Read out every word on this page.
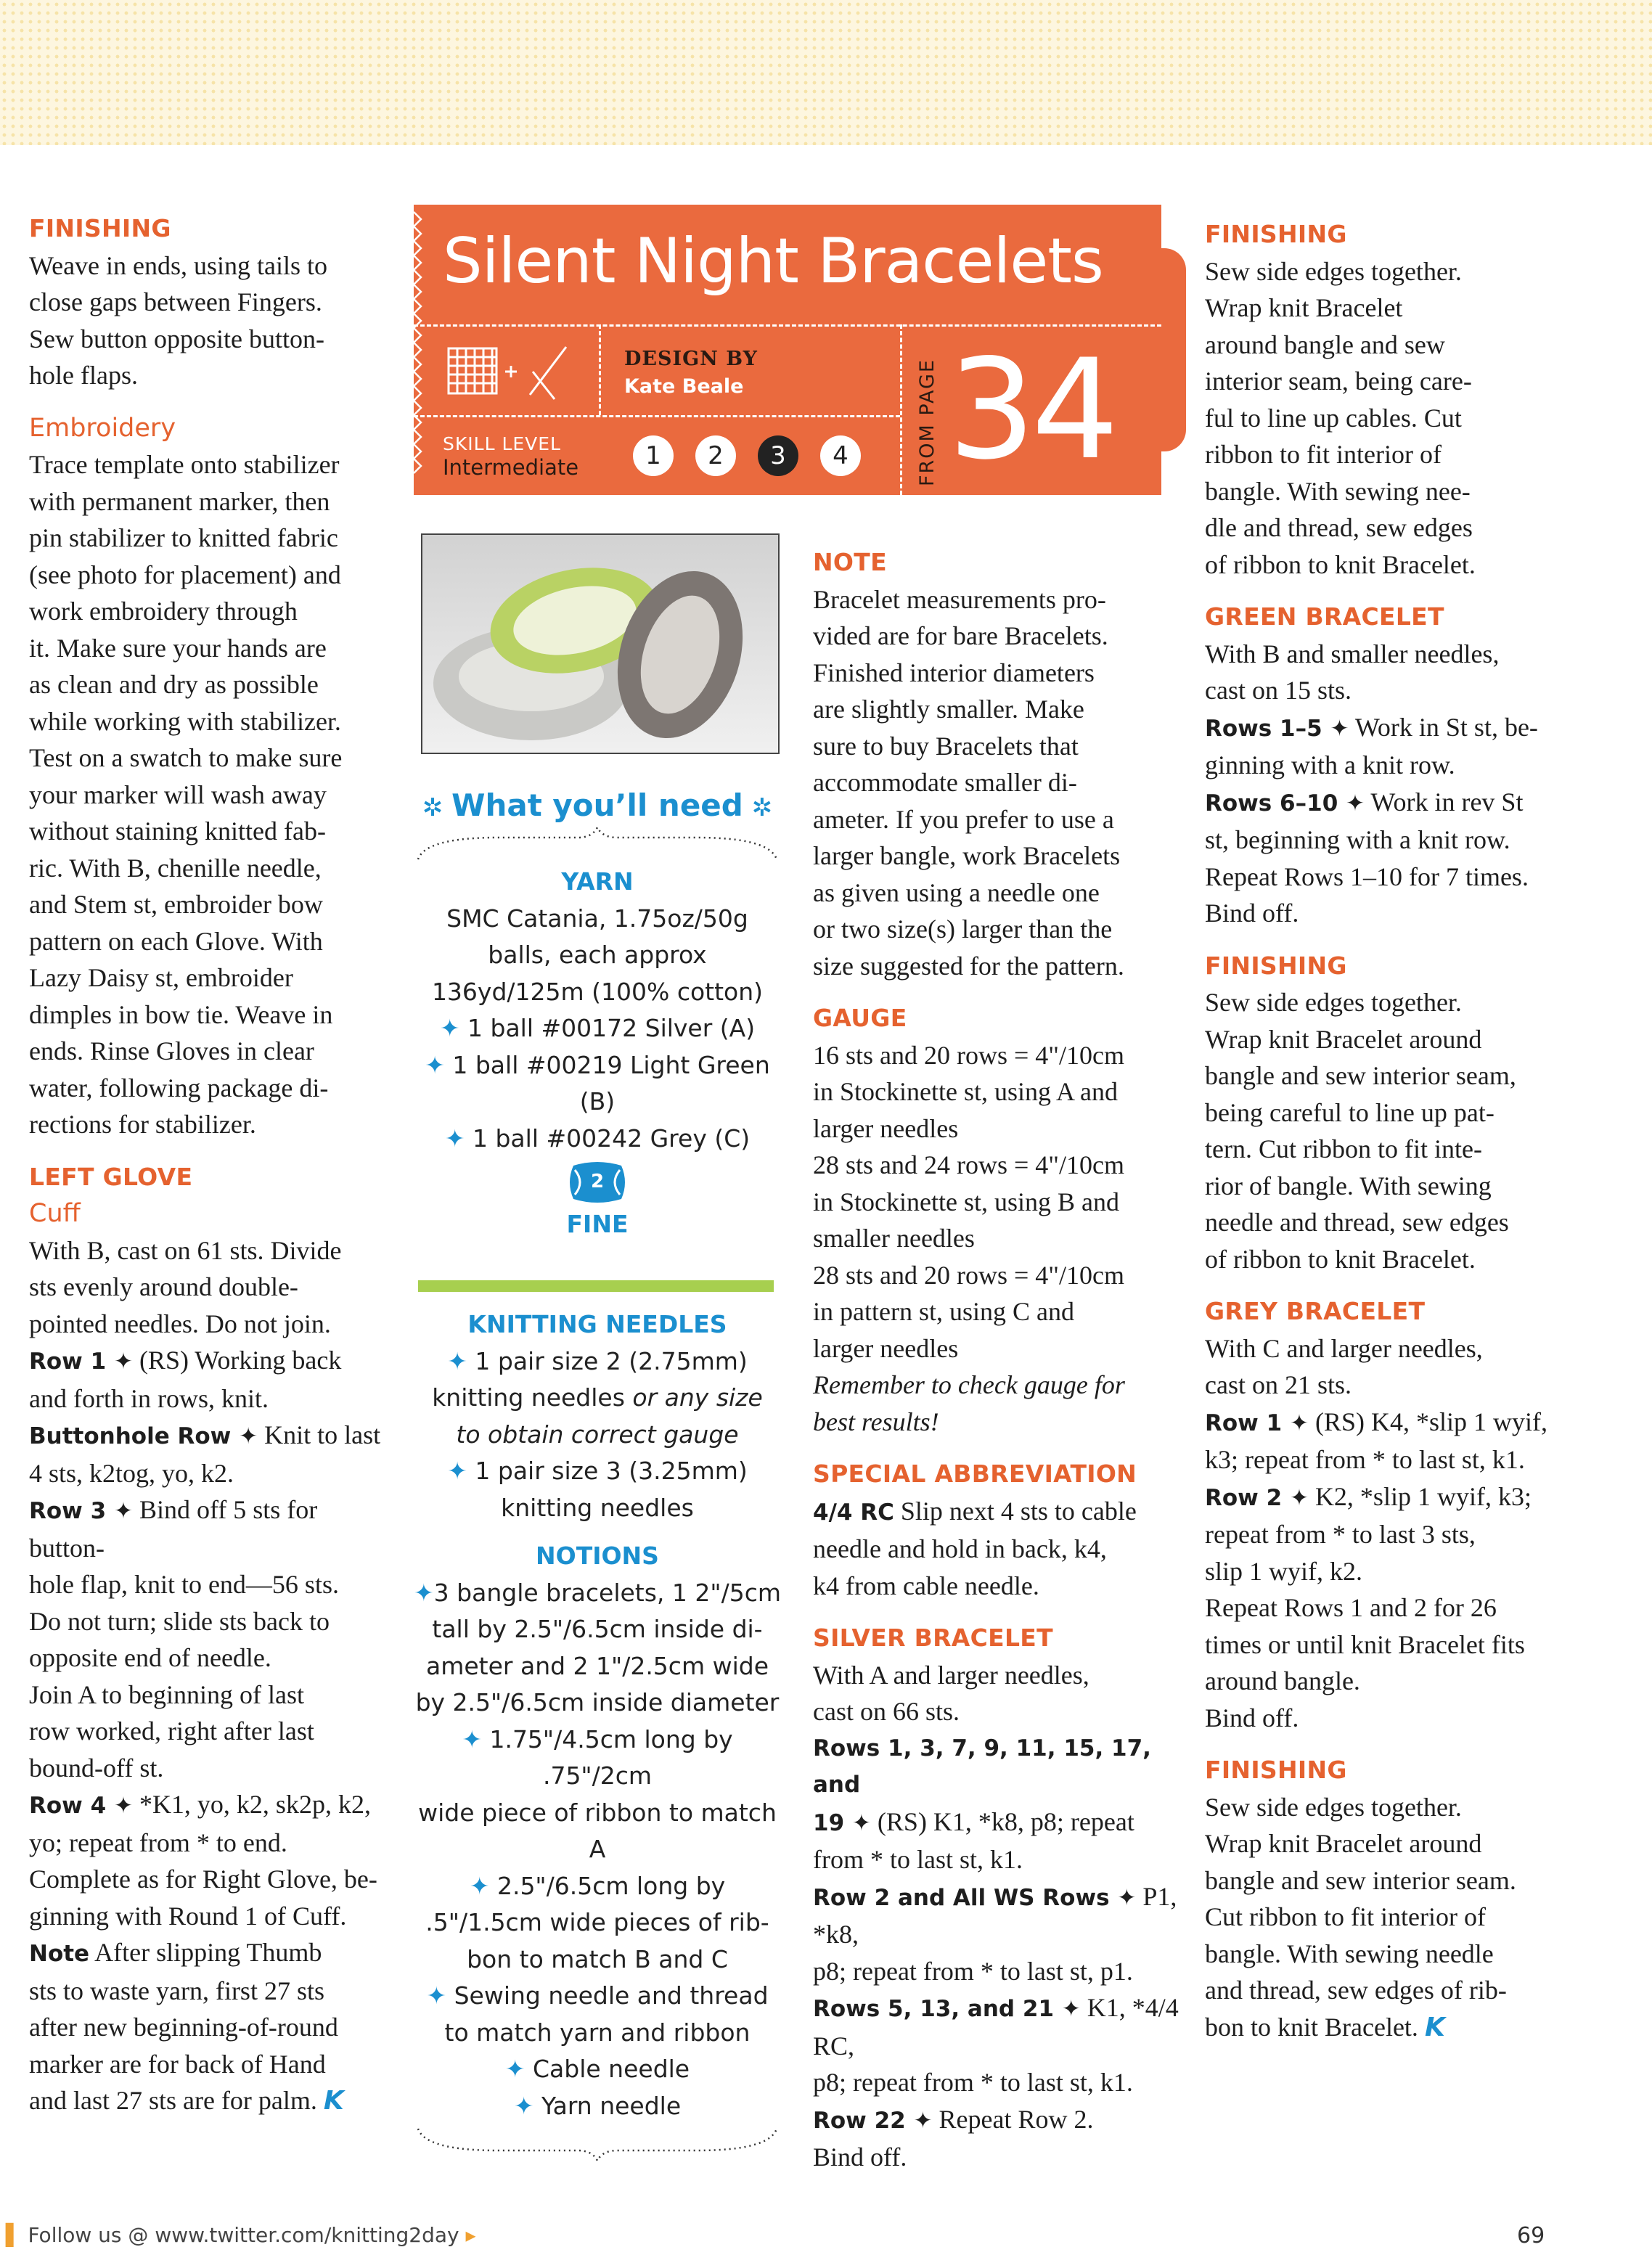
FINISHING
Weave in ends, using tails to
close gaps between Fingers.
Sew button opposite button-
hole flaps.
Embroidery
Trace template onto stabilizer
with permanent marker, then
pin stabilizer to knitted fabric
(see photo for placement) and
work embroidery through
it. Make sure your hands are
as clean and dry as possible
while working with stabilizer.
Test on a swatch to make sure
your marker will wash away
without staining knitted fab-
ric. With B, chenille needle,
and Stem st, embroider bow
pattern on each Glove. With
Lazy Daisy st, embroider
dimples in bow tie. Weave in
ends. Rinse Gloves in clear
water, following package di-
rections for stabilizer.
LEFT GLOVE
Cuff
With B, cast on 61 sts. Divide
sts evenly around double-
pointed needles. Do not join.
Row 1 ✦ (RS) Working back
and forth in rows, knit.
Buttonhole Row ✦ Knit to last
4 sts, k2tog, yo, k2.
Row 3 ✦ Bind off 5 sts for button-
hole flap, knit to end—56 sts.
Do not turn; slide sts back to
opposite end of needle.
Join A to beginning of last
row worked, right after last
bound-off st.
Row 4 ✦ *K1, yo, k2, sk2p, k2,
yo; repeat from * to end.
Complete as for Right Glove, be-
ginning with Round 1 of Cuff.
Note After slipping Thumb
sts to waste yarn, first 27 sts
after new beginning-of-round
marker are for back of Hand
and last 27 sts are for palm. K
Silent Night Bracelets
DESIGN BY
Kate Beale
SKILL LEVEL
Intermediate	1	2	3	4	FROM PAGE 34
✲ What you’ll need ✲
YARN
SMC Catania, 1.75oz/50g
balls, each approx
136yd/125m (100% cotton)
✦ 1 ball #00172 Silver (A)
✦ 1 ball #00219 Light Green (B)
✦ 1 ball #00242 Grey (C)
2
FINE
KNITTING NEEDLES
✦ 1 pair size 2 (2.75mm)
knitting needles or any size
to obtain correct gauge
✦ 1 pair size 3 (3.25mm)
knitting needles
NOTIONS
✦3 bangle bracelets, 1 2"/5cm
tall by 2.5"/6.5cm inside di-
ameter and 2 1"/2.5cm wide
by 2.5"/6.5cm inside diameter
✦ 1.75"/4.5cm long by .75"/2cm
wide piece of ribbon to match A
✦ 2.5"/6.5cm long by
.5"/1.5cm wide pieces of rib-
bon to match B and C
✦ Sewing needle and thread
to match yarn and ribbon
✦ Cable needle
✦ Yarn needle
NOTE
Bracelet measurements pro-
vided are for bare Bracelets.
Finished interior diameters
are slightly smaller. Make
sure to buy Bracelets that
accommodate smaller di-
ameter. If you prefer to use a
larger bangle, work Bracelets
as given using a needle one
or two size(s) larger than the
size suggested for the pattern.
GAUGE
16 sts and 20 rows = 4"/10cm
in Stockinette st, using A and
larger needles
28 sts and 24 rows = 4"/10cm
in Stockinette st, using B and
smaller needles
28 sts and 20 rows = 4"/10cm
in pattern st, using C and
larger needles
Remember to check gauge for
best results!
SPECIAL ABBREVIATION
4/4 RC Slip next 4 sts to cable
needle and hold in back, k4,
k4 from cable needle.
SILVER BRACELET
With A and larger needles,
cast on 66 sts.
Rows 1, 3, 7, 9, 11, 15, 17, and
19 ✦ (RS) K1, *k8, p8; repeat
from * to last st, k1.
Row 2 and All WS Rows ✦ P1, *k8,
p8; repeat from * to last st, p1.
Rows 5, 13, and 21 ✦ K1, *4/4 RC,
p8; repeat from * to last st, k1.
Row 22 ✦ Repeat Row 2.
Bind off.
FINISHING
Sew side edges together.
Wrap knit Bracelet
around bangle and sew
interior seam, being care-
ful to line up cables. Cut
ribbon to fit interior of
bangle. With sewing nee-
dle and thread, sew edges
of ribbon to knit Bracelet.
GREEN BRACELET
With B and smaller needles,
cast on 15 sts.
Rows 1–5 ✦ Work in St st, be-
ginning with a knit row.
Rows 6–10 ✦ Work in rev St
st, beginning with a knit row.
Repeat Rows 1–10 for 7 times.
Bind off.
FINISHING
Sew side edges together.
Wrap knit Bracelet around
bangle and sew interior seam,
being careful to line up pat-
tern. Cut ribbon to fit inte-
rior of bangle. With sewing
needle and thread, sew edges
of ribbon to knit Bracelet.
GREY BRACELET
With C and larger needles,
cast on 21 sts.
Row 1 ✦ (RS) K4, *slip 1 wyif,
k3; repeat from * to last st, k1.
Row 2 ✦ K2, *slip 1 wyif, k3;
repeat from * to last 3 sts,
slip 1 wyif, k2.
Repeat Rows 1 and 2 for 26
times or until knit Bracelet fits
around bangle.
Bind off.
FINISHING
Sew side edges together.
Wrap knit Bracelet around
bangle and sew interior seam.
Cut ribbon to fit interior of
bangle. With sewing needle
and thread, sew edges of rib-
bon to knit Bracelet. K
▌ Follow us @ www.twitter.com/knitting2day ▸	69
